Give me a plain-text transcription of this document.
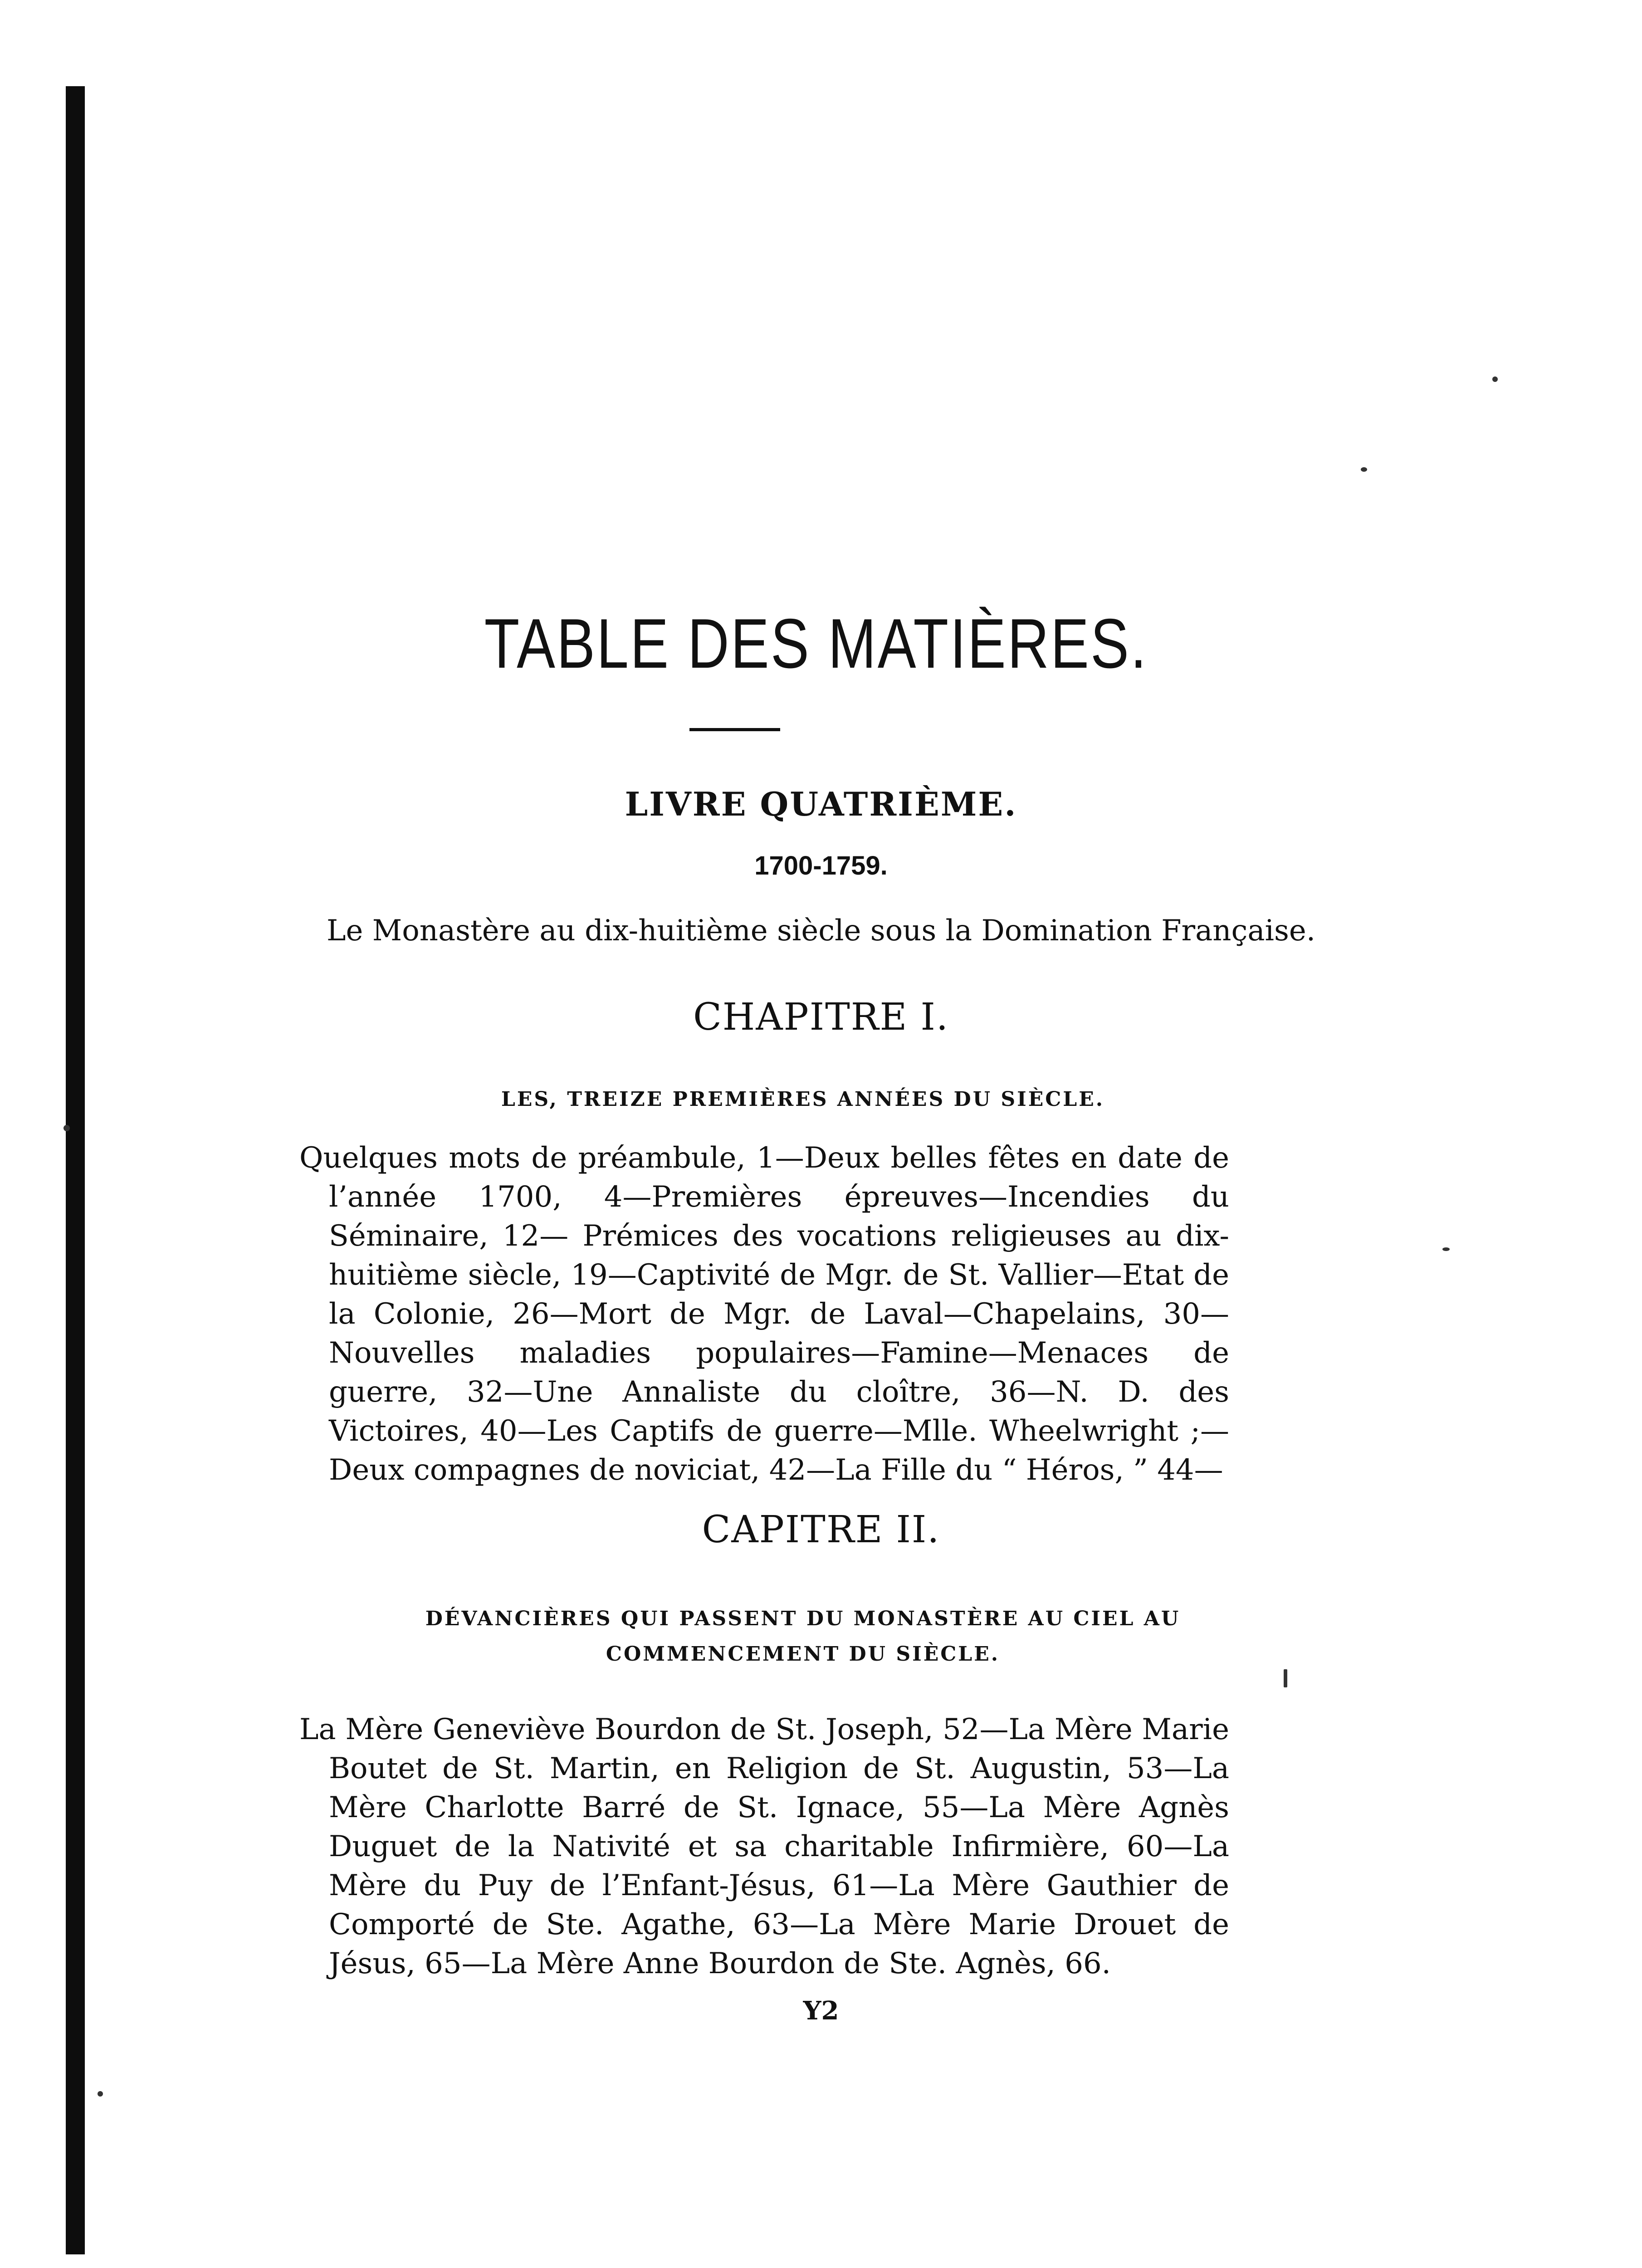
TABLE DES MATIÈRES.
LIVRE QUATRIÈME.

1700-1759.

Le Monastère au dix-huitième siècle sous la Domination Française.

CHAPITRE I.

LES, TREIZE PREMIÈRES ANNÉES DU SIÈCLE.

Quelques mots de préambule, 1—Deux belles fêtes en date de l’année 1700, 4—Premières épreuves—Incendies du Séminaire, 12— Prémices des vocations religieuses au dix-huitième siècle, 19—Captivité de Mgr. de St. Vallier—Etat de la Colonie, 26—Mort de Mgr. de Laval—Chapelains, 30—Nouvelles maladies populaires—Famine—Menaces de guerre, 32—Une Annaliste du cloître, 36—N. D. des Victoires, 40—Les Captifs de guerre—Mlle. Wheelwright ;—Deux compagnes de noviciat, 42—La Fille du “ Héros, ” 44—

CAPITRE II.

DÉVANCIÈRES QUI PASSENT DU MONASTÈRE AU CIEL AU COMMENCEMENT DU SIÈCLE.

La Mère Geneviève Bourdon de St. Joseph, 52—La Mère Marie Boutet de St. Martin, en Religion de St. Augustin, 53—La Mère Charlotte Barré de St. Ignace, 55—La Mère Agnès Duguet de la Nativité et sa charitable Infirmière, 60—La Mère du Puy de l’Enfant-Jésus, 61—La Mère Gauthier de Comporté de Ste. Agathe, 63—La Mère Marie Drouet de Jésus, 65—La Mère Anne Bourdon de Ste. Agnès, 66.

Y2
